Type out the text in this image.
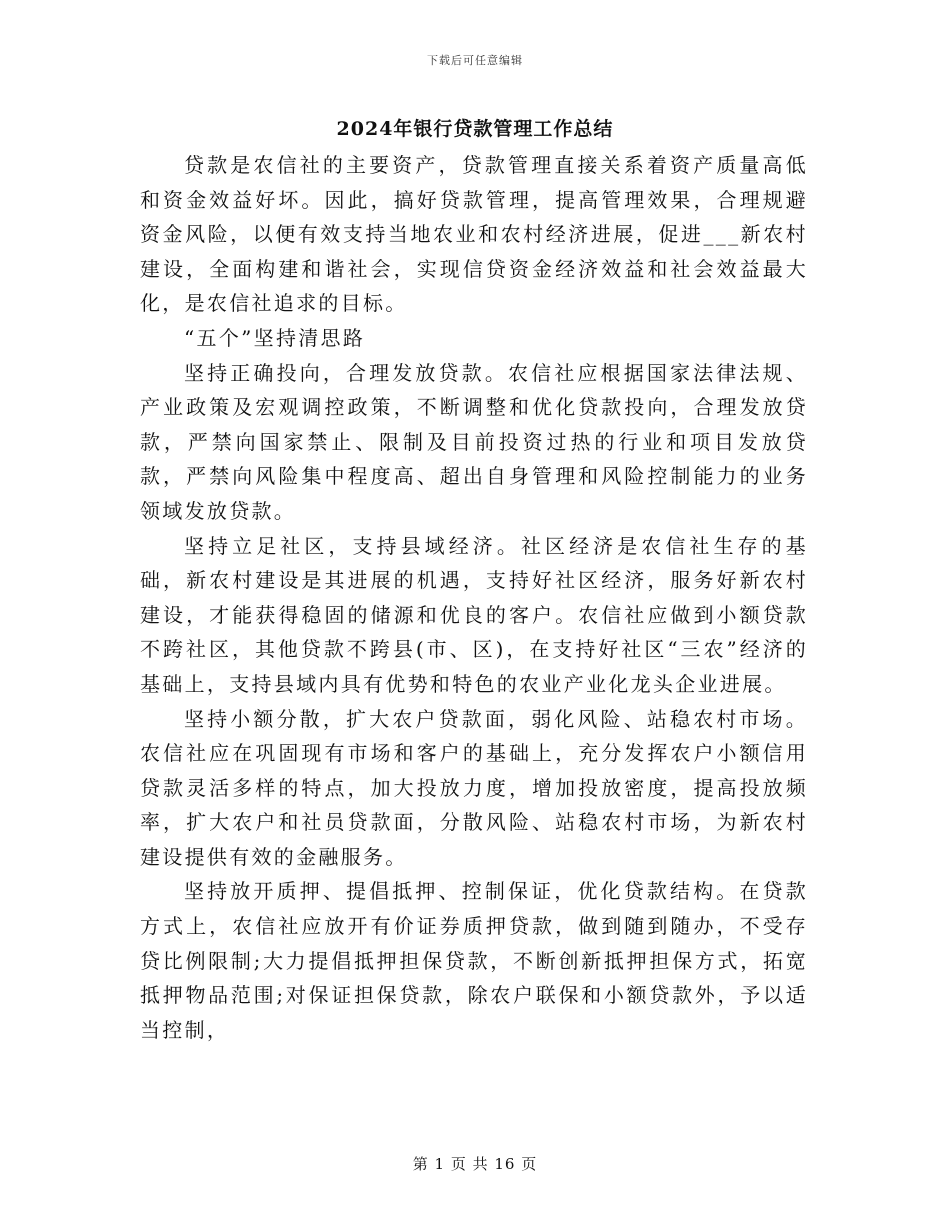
下载后可任意编辑
2024年银行贷款管理工作总结

贷款是农信社的主要资产，贷款管理直接关系着资产质量高低和资金效益好坏。因此，搞好贷款管理，提高管理效果，合理规避资金风险，以便有效支持当地农业和农村经济进展，促进___新农村建设，全面构建和谐社会，实现信贷资金经济效益和社会效益最大化，是农信社追求的目标。

“五个”坚持清思路

坚持正确投向，合理发放贷款。农信社应根据国家法律法规、产业政策及宏观调控政策，不断调整和优化贷款投向，合理发放贷款，严禁向国家禁止、限制及目前投资过热的行业和项目发放贷款，严禁向风险集中程度高、超出自身管理和风险控制能力的业务领域发放贷款。

坚持立足社区，支持县域经济。社区经济是农信社生存的基础，新农村建设是其进展的机遇，支持好社区经济，服务好新农村建设，才能获得稳固的储源和优良的客户。农信社应做到小额贷款不跨社区，其他贷款不跨县(市、区)，在支持好社区“三农”经济的基础上，支持县域内具有优势和特色的农业产业化龙头企业进展。

坚持小额分散，扩大农户贷款面，弱化风险、站稳农村市场。农信社应在巩固现有市场和客户的基础上，充分发挥农户小额信用贷款灵活多样的特点，加大投放力度，增加投放密度，提高投放频率，扩大农户和社员贷款面，分散风险、站稳农村市场，为新农村建设提供有效的金融服务。

坚持放开质押、提倡抵押、控制保证，优化贷款结构。在贷款方式上，农信社应放开有价证券质押贷款，做到随到随办，不受存贷比例限制;大力提倡抵押担保贷款，不断创新抵押担保方式，拓宽抵押物品范围;对保证担保贷款，除农户联保和小额贷款外，予以适当控制，

第 1 页 共 16 页
